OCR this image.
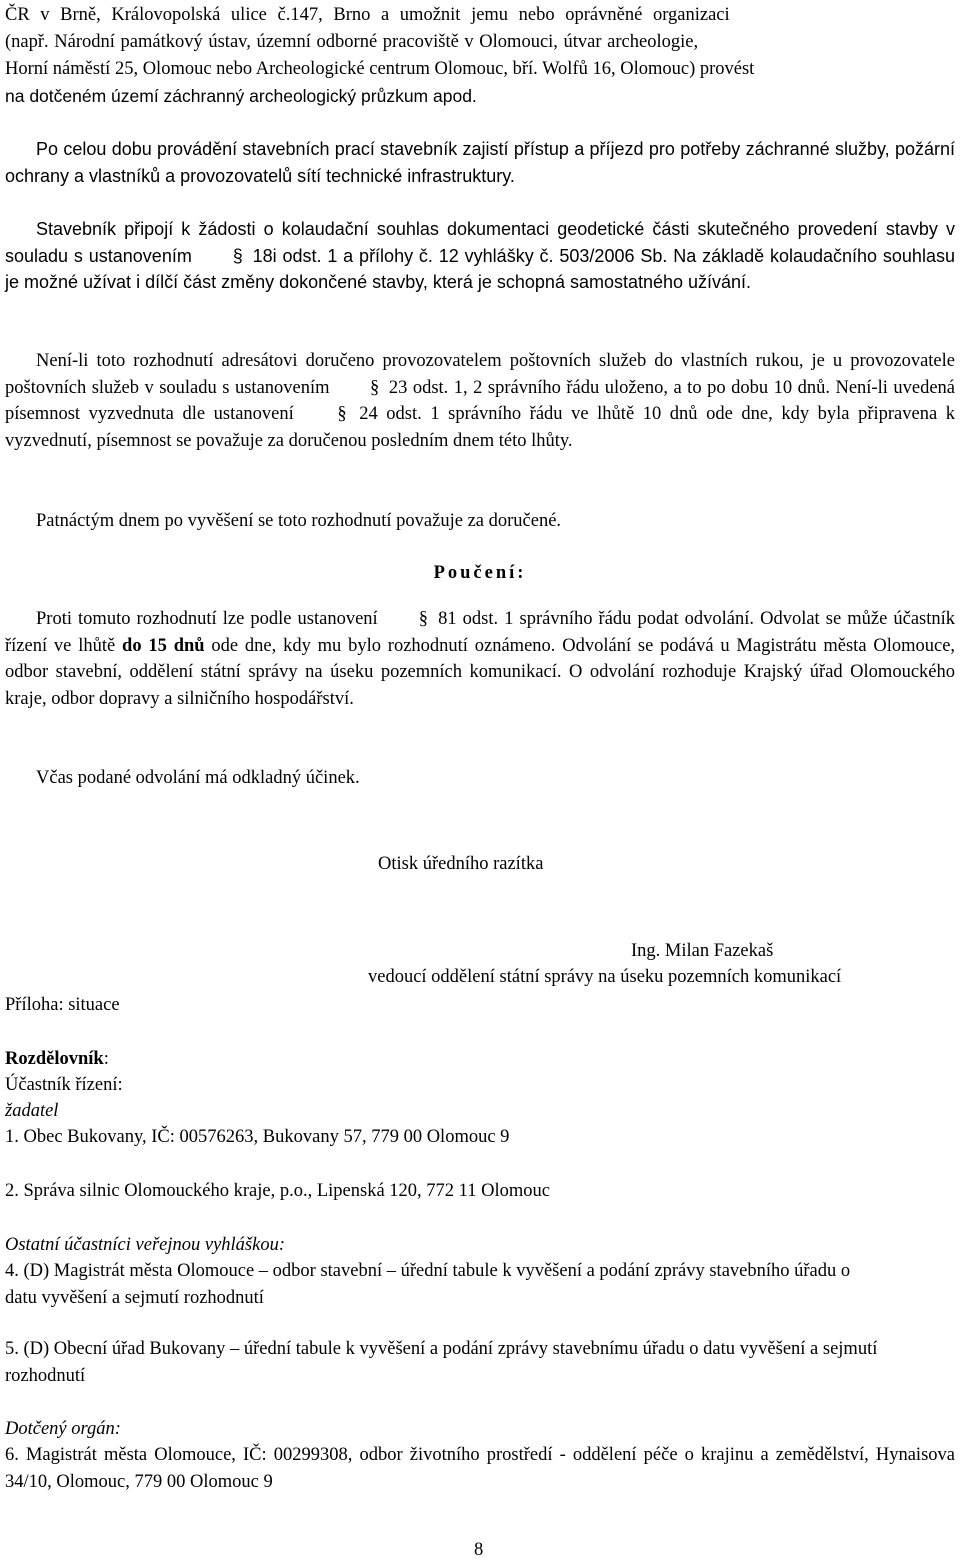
ČR v Brně, Královopolská ulice č.147, Brno a umožnit jemu nebo oprávněné organizaci

(např. Národní památkový ústav, územní odborné pracoviště v Olomouci, útvar archeologie,

Horní náměstí 25, Olomouc nebo Archeologické centrum Olomouc, bří. Wolfů 16, Olomouc) provést

na dotčeném území záchranný archeologický průzkum apod.

Po celou dobu provádění stavebních prací stavebník zajistí přístup a příjezd pro potřeby záchranné služby, požární ochrany a vlastníků a provozovatelů sítí technické infrastruktury.

Stavebník připojí k žádosti o kolaudační souhlas dokumentaci geodetické části skutečného provedení stavby v souladu s ustanovením § 18i odst. 1 a přílohy č. 12 vyhlášky č. 503/2006 Sb. Na základě kolaudačního souhlasu je možné užívat i dílčí část změny dokončené stavby, která je schopná samostatného užívání.

Není-li toto rozhodnutí adresátovi doručeno provozovatelem poštovních služeb do vlastních rukou, je u provozovatele poštovních služeb v souladu s ustanovením § 23 odst. 1, 2 správního řádu uloženo, a to po dobu 10 dnů. Není-li uvedená písemnost vyzvednuta dle ustanovení § 24 odst. 1 správního řádu ve lhůtě 10 dnů ode dne, kdy byla připravena k vyzvednutí, písemnost se považuje za doručenou posledním dnem této lhůty.

Patnáctým dnem po vyvěšení se toto rozhodnutí považuje za doručené.

Poučení:

Proti tomuto rozhodnutí lze podle ustanovení § 81 odst. 1 správního řádu podat odvolání. Odvolat se může účastník řízení ve lhůtě do 15 dnů ode dne, kdy mu bylo rozhodnutí oznámeno. Odvolání se podává u Magistrátu města Olomouce, odbor stavební, oddělení státní správy na úseku pozemních komunikací. O odvolání rozhoduje Krajský úřad Olomouckého kraje, odbor dopravy a silničního hospodářství.

Včas podané odvolání má odkladný účinek.

Otisk úředního razítka

Ing. Milan Fazekaš

vedoucí oddělení státní správy na úseku pozemních komunikací

Příloha: situace

Rozdělovník:

Účastník řízení:

žadatel

1. Obec Bukovany, IČ: 00576263, Bukovany 57, 779 00 Olomouc 9

2. Správa silnic Olomouckého kraje, p.o., Lipenská 120, 772 11 Olomouc

Ostatní účastníci veřejnou vyhláškou:

4. (D) Magistrát města Olomouce – odbor stavební – úřední tabule k vyvěšení a podání zprávy stavebního úřadu o datu vyvěšení a sejmutí rozhodnutí

5. (D) Obecní úřad Bukovany – úřední tabule k vyvěšení a podání zprávy stavebnímu úřadu o datu vyvěšení a sejmutí rozhodnutí

Dotčený orgán:

6. Magistrát města Olomouce, IČ: 00299308, odbor životního prostředí - oddělení péče o krajinu a zemědělství, Hynaisova 34/10, Olomouc, 779 00 Olomouc 9

8
